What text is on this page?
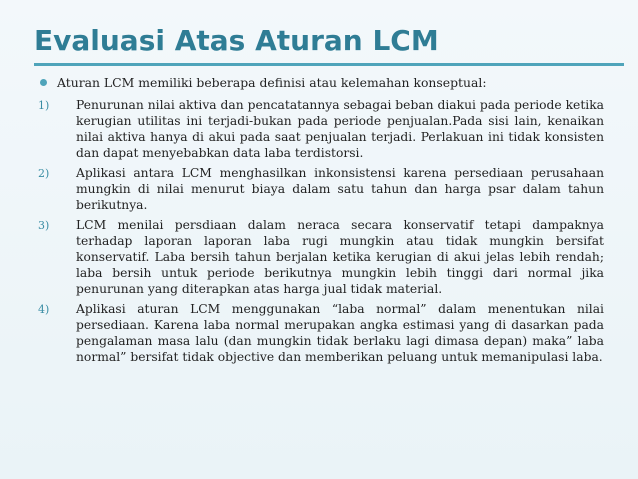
Evaluasi Atas Aturan LCM
Aturan LCM memiliki beberapa definisi atau kelemahan konseptual:
1)	Penurunan nilai aktiva dan pencatatannya sebagai beban diakui pada periode ketika kerugian utilitas ini terjadi-bukan pada periode penjualan.Pada sisi lain, kenaikan nilai aktiva hanya di akui pada saat penjualan terjadi. Perlakuan ini tidak konsisten dan dapat menyebabkan data laba terdistorsi.
2)	Aplikasi antara LCM menghasilkan inkonsistensi karena persediaan perusahaan mungkin di nilai menurut biaya dalam satu tahun dan harga psar dalam tahun berikutnya.
3)	LCM menilai persdiaan dalam neraca secara konservatif tetapi dampaknya terhadap laporan laporan laba rugi mungkin atau tidak mungkin bersifat konservatif. Laba bersih tahun berjalan ketika kerugian di akui jelas lebih rendah; laba bersih untuk periode berikutnya mungkin lebih tinggi dari normal jika penurunan yang diterapkan atas harga jual tidak material.
4)	Aplikasi aturan LCM menggunakan “laba normal” dalam menentukan nilai persediaan. Karena laba normal merupakan angka estimasi yang di dasarkan pada pengalaman masa lalu (dan mungkin tidak berlaku lagi dimasa depan) maka” laba normal” bersifat tidak objective dan memberikan peluang untuk memanipulasi laba.
